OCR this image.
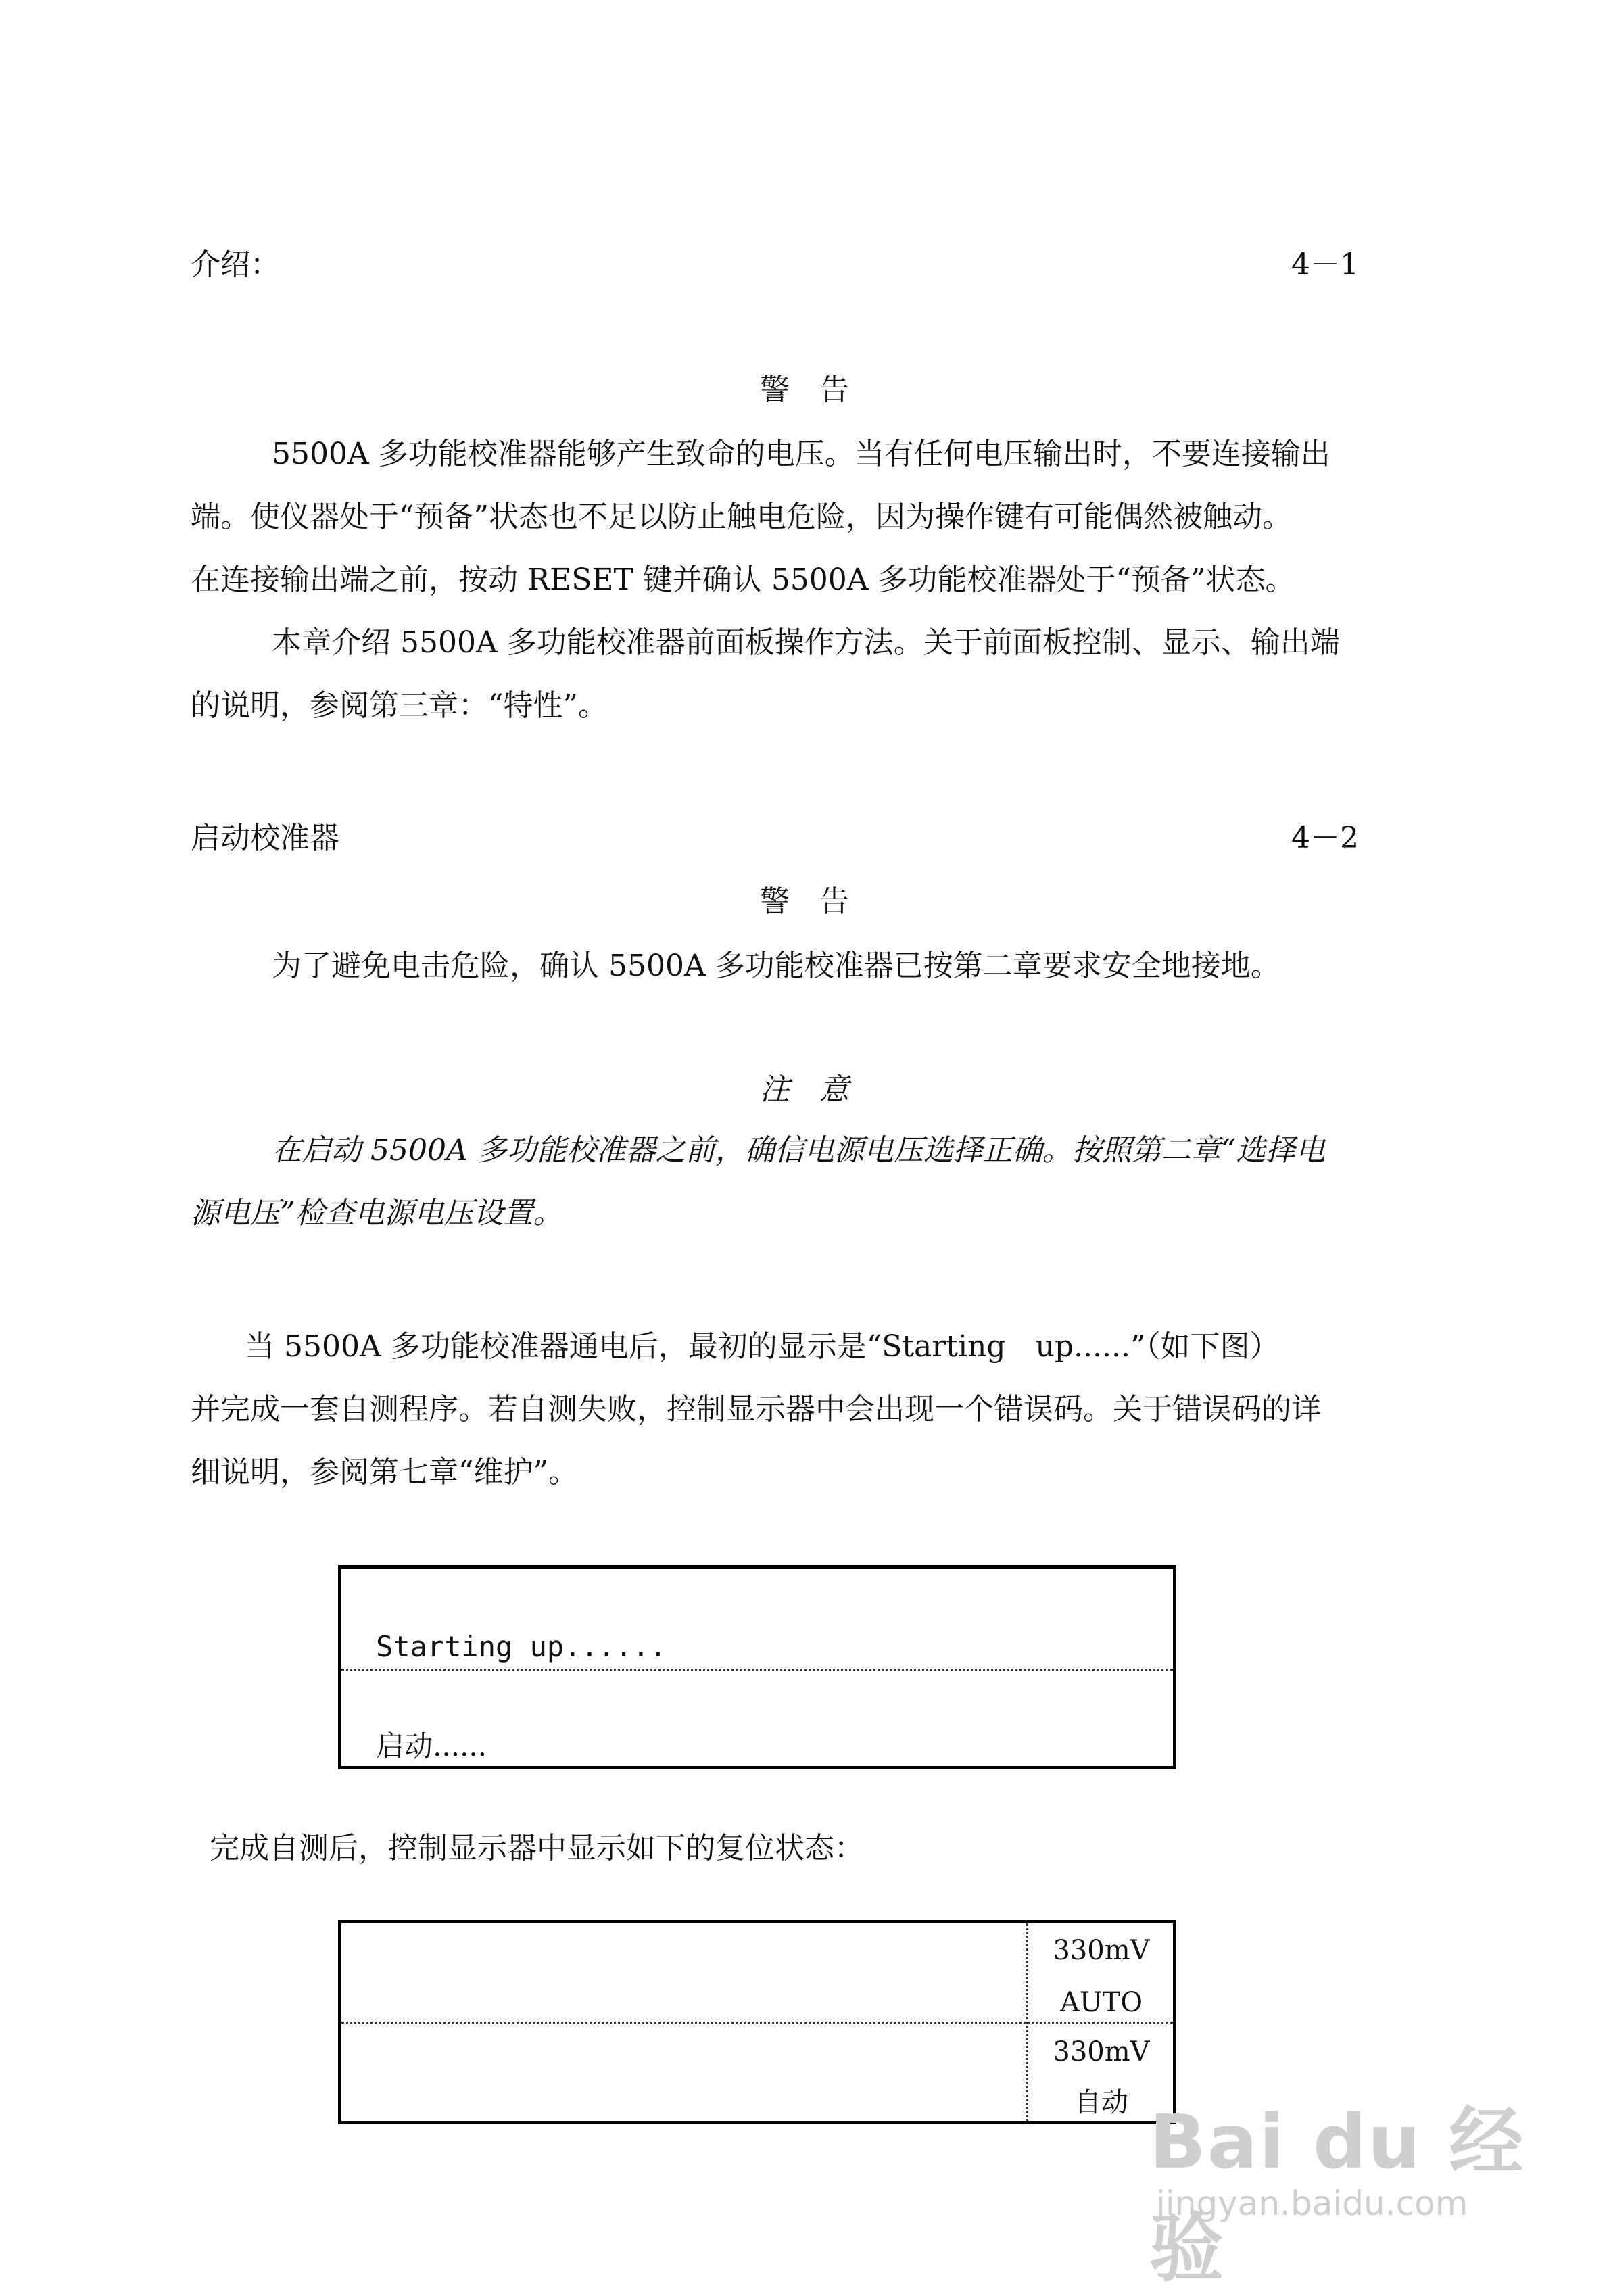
介绍：	4－1
警　告
5500A 多功能校准器能够产生致命的电压。当有任何电压输出时，不要连接输出
端。使仪器处于“预备”状态也不足以防止触电危险，因为操作键有可能偶然被触动。
在连接输出端之前，按动 RESET 键并确认 5500A 多功能校准器处于“预备”状态。
本章介绍 5500A 多功能校准器前面板操作方法。关于前面板控制、显示、输出端
的说明，参阅第三章：“特性”。
启动校准器	4－2
警　告
为了避免电击危险，确认 5500A 多功能校准器已按第二章要求安全地接地。
注　意
在启动 5500A 多功能校准器之前，确信电源电压选择正确。按照第二章“选择电
源电压”检查电源电压设置。
当 5500A 多功能校准器通电后，最初的显示是“Starting　up......”（如下图）
并完成一套自测程序。若自测失败，控制显示器中会出现一个错误码。关于错误码的详
细说明，参阅第七章“维护”。
Starting up......
启动......
完成自测后，控制显示器中显示如下的复位状态：
330mV
AUTO
330mV
自动 Bai du 经验
jingyan.baidu.com
